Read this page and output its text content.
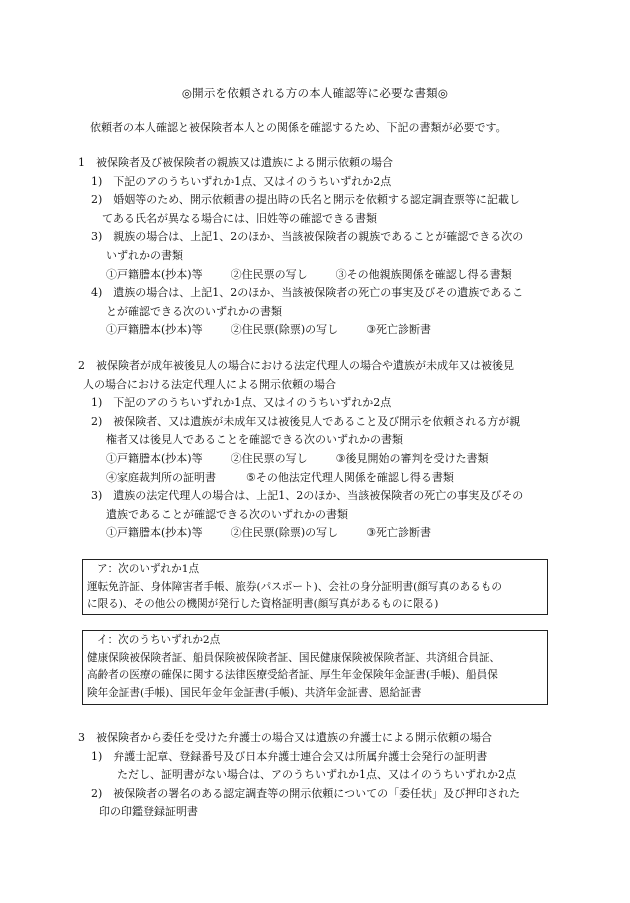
◎開示を依頼される方の本人確認等に必要な書類◎
依頼者の本人確認と被保険者本人との関係を確認するため、下記の書類が必要です。
1　被保険者及び被保険者の親族又は遺族による開示依頼の場合
1)　下記のアのうちいずれか1点、又はイのうちいずれか2点
2)　婚姻等のため、開示依頼書の提出時の氏名と開示を依頼する認定調査票等に記載し
てある氏名が異なる場合には、旧姓等の確認できる書類
3)　親族の場合は、上記1、2のほか、当該被保険者の親族であることが確認できる次の
いずれかの書類
①戸籍謄本(抄本)等	②住民票の写し	③その他親族関係を確認し得る書類
4)　遺族の場合は、上記1、2のほか、当該被保険者の死亡の事実及びその遺族であるこ
とが確認できる次のいずれかの書類
①戸籍謄本(抄本)等	②住民票(除票)の写し	③死亡診断書
2　被保険者が成年被後見人の場合における法定代理人の場合や遺族が未成年又は被後見
人の場合における法定代理人による開示依頼の場合
1)　下記のアのうちいずれか1点、又はイのうちいずれか2点
2)　被保険者、又は遺族が未成年又は被後見人であること及び開示を依頼される方が親
権者又は後見人であることを確認できる次のいずれかの書類
①戸籍謄本(抄本)等	②住民票の写し	③後見開始の審判を受けた書類
④家庭裁判所の証明書	⑤その他法定代理人関係を確認し得る書類
3)　遺族の法定代理人の場合は、上記1、2のほか、当該被保険者の死亡の事実及びその
遺族であることが確認できる次のいずれかの書類
①戸籍謄本(抄本)等	②住民票(除票)の写し	③死亡診断書
ア：次のいずれか1点
運転免許証、身体障害者手帳、旅券(パスポート)、会社の身分証明書(顔写真のあるもの
に限る)、その他公の機関が発行した資格証明書(顔写真があるものに限る)
イ：次のうちいずれか2点
健康保険被保険者証、船員保険被保険者証、国民健康保険被保険者証、共済組合員証、
高齢者の医療の確保に関する法律医療受給者証、厚生年金保険年金証書(手帳)、船員保
険年金証書(手帳)、国民年金年金証書(手帳)、共済年金証書、恩給証書
3　被保険者から委任を受けた弁護士の場合又は遺族の弁護士による開示依頼の場合
1)　弁護士記章、登録番号及び日本弁護士連合会又は所属弁護士会発行の証明書
ただし、証明書がない場合は、アのうちいずれか1点、又はイのうちいずれか2点
2)　被保険者の署名のある認定調査等の開示依頼についての「委任状」及び押印された
印の印鑑登録証明書
